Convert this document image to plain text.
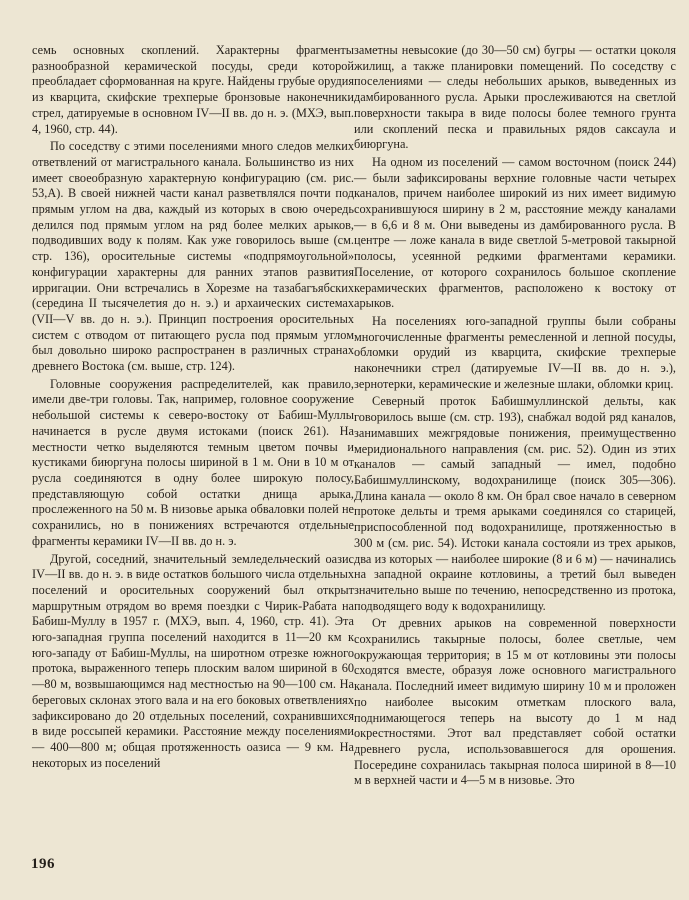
семь основных скоплений. Характерны фрагменты разнообразной керамической посуды, среди которой преобладает сформованная на круге. Найдены грубые орудия из кварцита, скифские трехперые бронзовые наконечники стрел, датируемые в основном IV—II вв. до н. э. (МХЭ, вып. 4, 1960, стр. 44).

По соседству с этими поселениями много следов мелких ответвлений от магистрального канала. Большинство из них имеет своеобразную характерную конфигурацию (см. рис. 53,А). В своей нижней части канал разветвлялся почти под прямым углом на два, каждый из которых в свою очередь делился под прямым углом на ряд более мелких арыков, подводивших воду к полям. Как уже говорилось выше (см. стр. 136), оросительные системы «подпрямоугольной» конфигурации характерны для ранних этапов развития ирригации. Они встречались в Хорезме на тазабагъябских (середина II тысячелетия до н. э.) и архаических системах (VII—V вв. до н. э.). Принцип построения оросительных систем с отводом от питающего русла под прямым углом был довольно широко распространен в различных странах древнего Востока (см. выше, стр. 124).

Головные сооружения распределителей, как правило, имели две-три головы. Так, например, головное сооружение небольшой системы к северо-востоку от Бабиш-Муллы начинается в русле двумя истоками (поиск 261). На местности четко выделяются темным цветом почвы и кустиками биюргуна полосы шириной в 1 м. Они в 10 м от русла соединяются в одну более широкую полосу, представляющую собой остатки днища арыка, прослеженного на 50 м. В низовье арыка обваловки полей не сохранились, но в понижениях встречаются отдельные фрагменты керамики IV—II вв. до н. э.

Другой, соседний, значительный земледельческий оазис IV—II вв. до н. э. в виде остатков большого числа отдельных поселений и оросительных сооружений был открыт маршрутным отрядом во время поездки с Чирик-Рабата на Бабиш-Муллу в 1957 г. (МХЭ, вып. 4, 1960, стр. 41). Эта юго-западная группа поселений находится в 11—20 км к юго-западу от Бабиш-Муллы, на широтном отрезке южного протока, выраженного теперь плоским валом шириной в 60—80 м, возвышающимся над местностью на 90—100 см. На береговых склонах этого вала и на его боковых ответвлениях зафиксировано до 20 отдельных поселений, сохранившихся в виде россыпей керамики. Расстояние между поселениями — 400—800 м; общая протяженность оазиса — 9 км. На некоторых из поселений

заметны невысокие (до 30—50 см) бугры — остатки цоколя жилищ, а также планировки помещений. По соседству с поселениями — следы небольших арыков, выведенных из дамбированного русла. Арыки прослеживаются на светлой поверхности такыра в виде полосы более темного грунта или скоплений песка и правильных рядов саксаула и биюргуна.

На одном из поселений — самом восточном (поиск 244) — были зафиксированы верхние головные части четырех каналов, причем наиболее широкий из них имеет видимую сохранившуюся ширину в 2 м, расстояние между каналами — в 6,6 и 8 м. Они выведены из дамбированного русла. В центре — ложе канала в виде светлой 5-метровой такырной полосы, усеянной редкими фрагментами керамики. Поселение, от которого сохранилось большое скопление керамических фрагментов, расположено к востоку от арыков.

На поселениях юго-западной группы были собраны многочисленные фрагменты ремесленной и лепной посуды, обломки орудий из кварцита, скифские трехперые наконечники стрел (датируемые IV—II вв. до н. э.), зернотерки, керамические и железные шлаки, обломки криц.

Северный проток Бабишмуллинской дельты, как говорилось выше (см. стр. 193), снабжал водой ряд каналов, занимавших межгрядовые понижения, преимущественно меридионального направления (см. рис. 52). Один из этих каналов — самый западный — имел, подобно Бабишмуллинскому, водохранилище (поиск 305—306). Длина канала — около 8 км. Он брал свое начало в северном протоке дельты и тремя арыками соединялся со старицей, приспособленной под водохранилище, протяженностью в 300 м (см. рис. 54). Истоки канала состояли из трех арыков, два из которых — наиболее широкие (8 и 6 м) — начинались на западной окраине котловины, а третий был выведен значительно выше по течению, непосредственно из протока, подводящего воду к водохранилищу.

От древних арыков на современной поверхности сохранились такырные полосы, более светлые, чем окружающая территория; в 15 м от котловины эти полосы сходятся вместе, образуя ложе основного магистрального канала. Последний имеет видимую ширину 10 м и проложен по наиболее высоким отметкам плоского вала, поднимающегося теперь на высоту до 1 м над окрестностями. Этот вал представляет собой остатки древнего русла, использовавшегося для орошения. Посередине сохранилась такырная полоса шириной в 8—10 м в верхней части и 4—5 м в низовье. Это

196
